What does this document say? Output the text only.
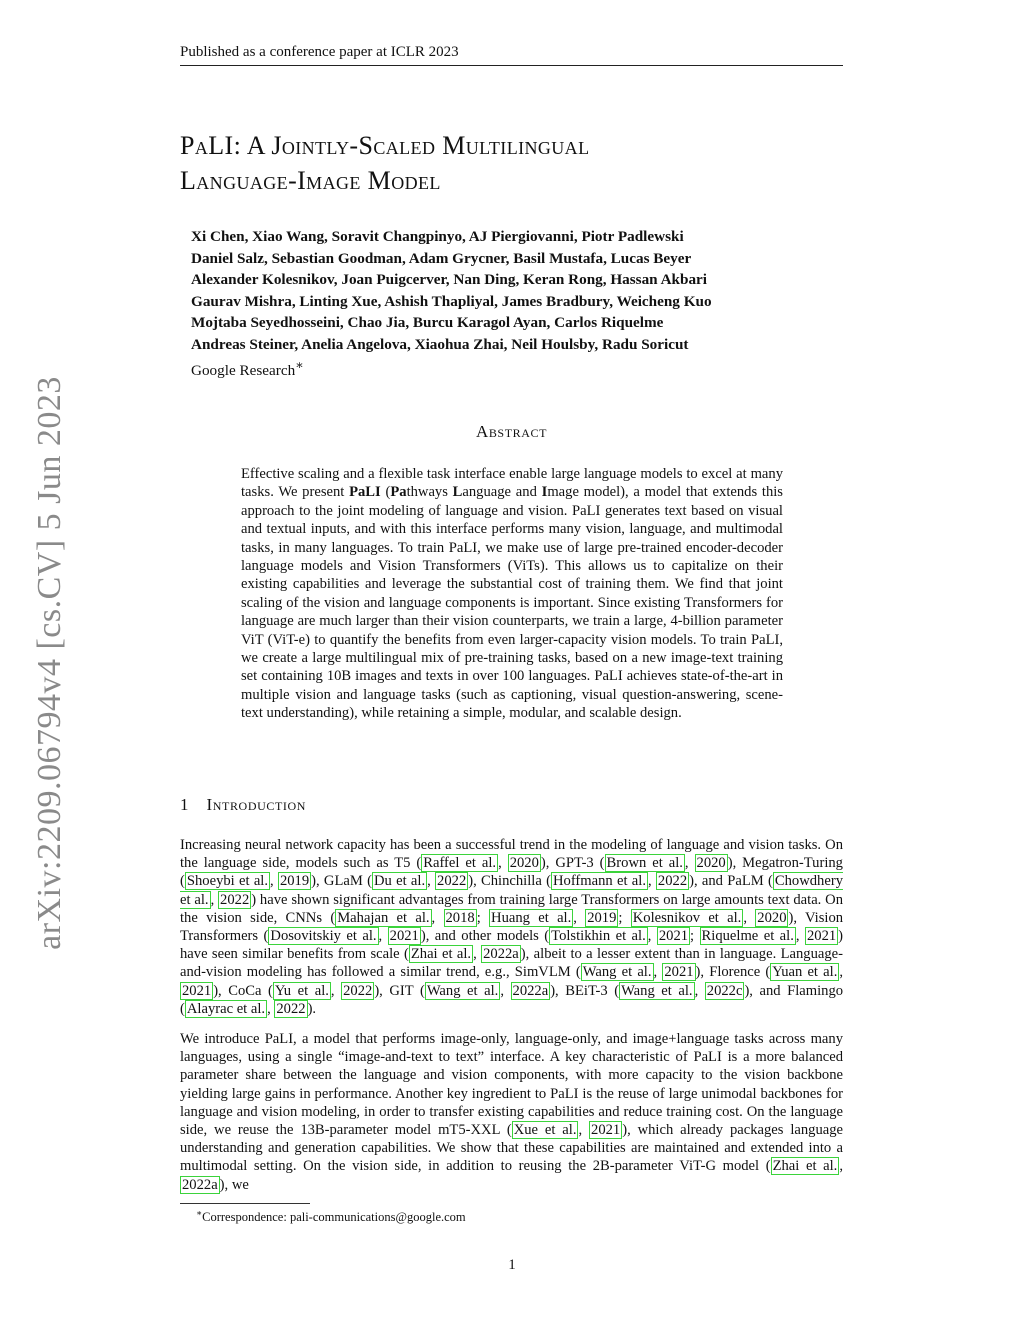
Published as a conference paper at ICLR 2023
arXiv:2209.06794v4 [cs.CV] 5 Jun 2023
PaLI: A Jointly-Scaled Multilingual
Language-Image Model
Xi Chen, Xiao Wang, Soravit Changpinyo, AJ Piergiovanni, Piotr Padlewski
Daniel Salz, Sebastian Goodman, Adam Grycner, Basil Mustafa, Lucas Beyer
Alexander Kolesnikov, Joan Puigcerver, Nan Ding, Keran Rong, Hassan Akbari
Gaurav Mishra, Linting Xue, Ashish Thapliyal, James Bradbury, Weicheng Kuo
Mojtaba Seyedhosseini, Chao Jia, Burcu Karagol Ayan, Carlos Riquelme
Andreas Steiner, Anelia Angelova, Xiaohua Zhai, Neil Houlsby, Radu Soricut
Google Research∗
Abstract

Effective scaling and a flexible task interface enable large language models to excel at many tasks. We present PaLI (Pathways Language and Image model), a model that extends this approach to the joint modeling of language and vision. PaLI generates text based on visual and textual inputs, and with this interface performs many vision, language, and multimodal tasks, in many languages. To train PaLI, we make use of large pre-trained encoder-decoder language models and Vision Transformers (ViTs). This allows us to capitalize on their existing capabilities and leverage the substantial cost of training them. We find that joint scaling of the vision and language components is important. Since existing Transformers for language are much larger than their vision counterparts, we train a large, 4-billion parameter ViT (ViT-e) to quantify the benefits from even larger-capacity vision models. To train PaLI, we create a large multilingual mix of pre-training tasks, based on a new image-text training set containing 10B images and texts in over 100 languages. PaLI achieves state-of-the-art in multiple vision and language tasks (such as captioning, visual question-answering, scene-text understanding), while retaining a simple, modular, and scalable design.

1 Introduction

Increasing neural network capacity has been a successful trend in the modeling of language and vision tasks. On the language side, models such as T5 ( Raffel et al. , 2020 ), GPT-3 ( Brown et al. , 2020 ), Megatron-Turing ( Shoeybi et al. , 2019 ), GLaM ( Du et al. , 2022 ), Chinchilla ( Hoffmann et al. , 2022 ), and PaLM ( Chowdhery et al. , 2022 ) have shown significant advantages from training large Transformers on large amounts text data. On the vision side, CNNs ( Mahajan et al. , 2018 ; Huang et al. , 2019 ; Kolesnikov et al. , 2020 ), Vision Transformers ( Dosovitskiy et al. , 2021 ), and other models ( Tolstikhin et al. , 2021 ; Riquelme et al. , 2021 ) have seen similar benefits from scale ( Zhai et al. , 2022a ), albeit to a lesser extent than in language. Language-and-vision modeling has followed a similar trend, e.g., SimVLM ( Wang et al. , 2021 ), Florence ( Yuan et al. , 2021 ), CoCa ( Yu et al. , 2022 ), GIT ( Wang et al. , 2022a ), BEiT-3 ( Wang et al. , 2022c ), and Flamingo ( Alayrac et al. , 2022 ).

We introduce PaLI, a model that performs image-only, language-only, and image+language tasks across many languages, using a single “image-and-text to text” interface. A key characteristic of PaLI is a more balanced parameter share between the language and vision components, with more capacity to the vision backbone yielding large gains in performance. Another key ingredient to PaLI is the reuse of large unimodal backbones for language and vision modeling, in order to transfer existing capabilities and reduce training cost. On the language side, we reuse the 13B-parameter model mT5-XXL ( Xue et al. , 2021 ), which already packages language understanding and generation capabilities. We show that these capabilities are maintained and extended into a multimodal setting. On the vision side, in addition to reusing the 2B-parameter ViT-G model ( Zhai et al. , 2022a ), we

∗Correspondence: pali-communications@google.com
1
